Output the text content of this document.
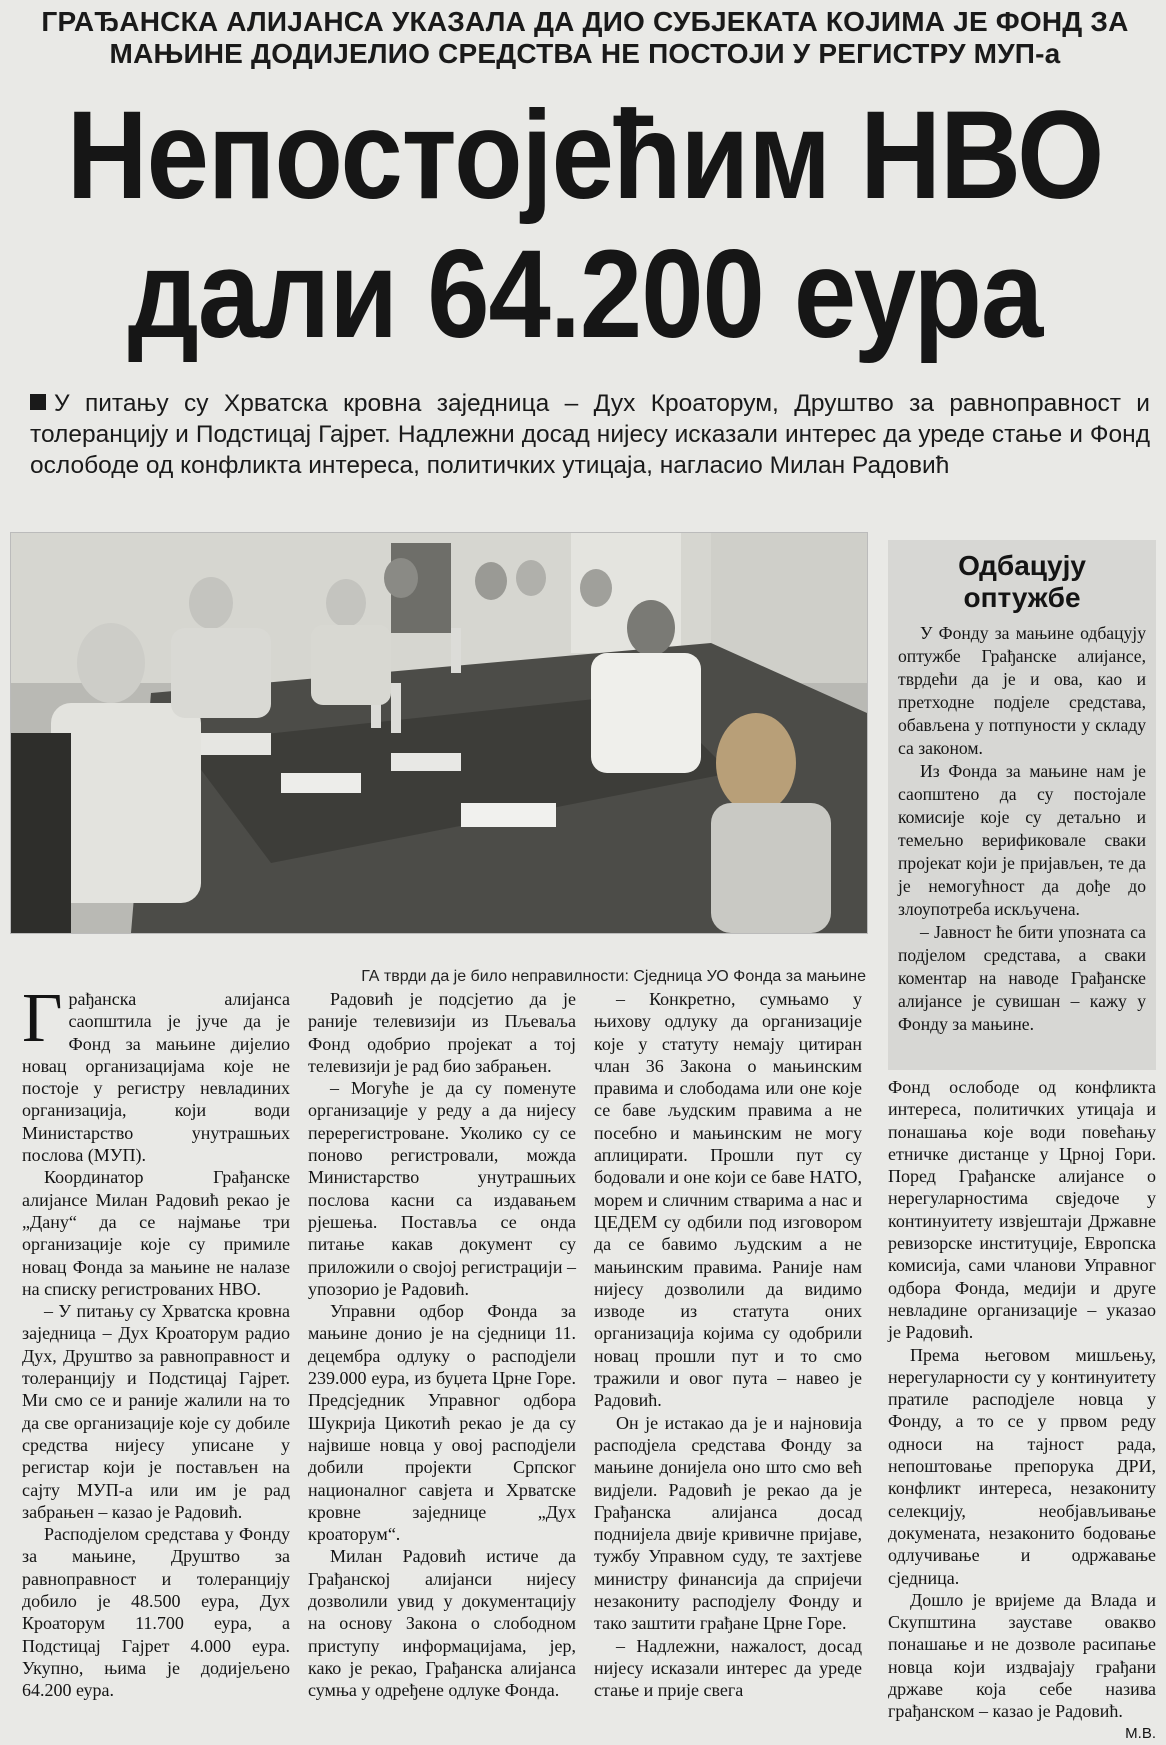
ГРАЂАНСКА АЛИЈАНСА УКАЗАЛА ДА ДИО СУБЈЕКАТА КОЈИМА ЈЕ ФОНД ЗА МАЊИНЕ ДОДИЈЕЛИО СРЕДСТВА НЕ ПОСТОЈИ У РЕГИСТРУ МУП-а
Непостојећим НВО
дали 64.200 еура
У питању су Хрватска кровна заједница – Дух Кроаторум, Друштво за равноправност и толеранцију и Подстицај Гајрет. Надлежни досад нијесу исказали интерес да уреде стање и Фонд ослободе од конфликта интереса, политичких утицаја, нагласио Милан Радовић
ГА тврди да је било неправилности: Сједница УО Фонда за мањине
Одбацују оптужбе

У Фонду за мањине одбацују оптужбе Грађанске алијансе, тврдећи да је и ова, као и претходне подјеле средстава, обављена у потпуности у складу са законом.

Из Фонда за мањине нам је саопштено да су постојале комисије које су детаљно и темељно верификовале сваки пројекат који је пријављен, те да је немогућност да дође до злоупотреба искључена.

– Јавност ће бити упозната са подјелом средстава, а сваки коментар на наводе Грађанске алијансе је сувишан – кажу у Фонду за мањине.

Грађанска алијанса саопштила је јуче да је Фонд за мањине дијелио новац организацијама које не постоје у регистру невладиних организација, који води Министарство унутрашњих послова (МУП).

Координатор Грађанске алијансе Милан Радовић рекао је „Дану“ да се најмање три организације које су примиле новац Фонда за мањине не налазе на списку регистрованих НВО.

– У питању су Хрватска кровна заједница – Дух Кроаторум радио Дух, Друштво за равноправност и толеранцију и Подстицај Гајрет. Ми смо се и раније жалили на то да све организације које су добиле средства нијесу уписане у регистар који је постављен на сајту МУП-а или им је рад забрањен – казао је Радовић.

Расподјелом средстава у Фонду за мањине, Друштво за равноправност и толеранцију добило је 48.500 еура, Дух Кроаторум 11.700 еура, а Подстицај Гајрет 4.000 еура. Укупно, њима је додијељено 64.200 еура.

Радовић је подсјетио да је раније телевизији из Пљеваља Фонд одобрио пројекат а тој телевизији је рад био забрањен.

– Могуће је да су поменуте организације у реду а да нијесу перерегистроване. Уколико су се поново регистровали, можда Министарство унутрашњих послова касни са издавањем рјешења. Поставља се онда питање какав документ су приложили о својој регистрацији – упозорио је Радовић.

Управни одбор Фонда за мањине донио је на сједници 11. децембра одлуку о расподјели 239.000 еура, из буџета Црне Горе. Предсједник Управног одбора Шукрија Цикотић рекао је да су највише новца у овој расподјели добили пројекти Српског националног савјета и Хрватске кровне заједнице „Дух кроаторум“.

Милан Радовић истиче да Грађанској алијанси нијесу дозволили увид у документацију на основу Закона о слободном приступу информацијама, јер, како је рекао, Грађанска алијанса сумња у одређене одлуке Фонда.

– Конкретно, сумњамо у њихову одлуку да организације које у статуту немају цитиран члан 36 Закона о мањинским правима и слободама или оне које се баве људским правима а не посебно и мањинским не могу аплицирати. Прошли пут су бодовали и оне који се баве НАТО, морем и сличним стварима а нас и ЦЕДЕМ су одбили под изговором да се бавимо људским а не мањинским правима. Раније нам нијесу дозволили да видимо изводе из статута оних организација којима су одобрили новац прошли пут и то смо тражили и овог пута – навео је Радовић.

Он је истакао да је и најновија расподјела средстава Фонду за мањине донијела оно што смо већ видјели. Радовић је рекао да је Грађанска алијанса досад поднијела двије кривичне пријаве, тужбу Управном суду, те захтјеве министру финансија да спријечи незакониту расподјелу Фонду и тако заштити грађане Црне Горе.

– Надлежни, нажалост, досад нијесу исказали интерес да уреде стање и прије свега

Фонд ослободе од конфликта интереса, политичких утицаја и понашања које води повећању етничке дистанце у Црној Гори. Поред Грађанске алијансе о нерегуларностима свједоче у континуитету извјештаји Државне ревизорске институције, Европска комисија, сами чланови Управног одбора Фонда, медији и друге невладине организације – указао је Радовић.

Према његовом мишљењу, нерегуларности су у континуитету пратиле расподјеле новца у Фонду, а то се у првом реду односи на тајност рада, непоштовање препорука ДРИ, конфликт интереса, незакониту селекцију, необјављивање докумената, незаконито бодовање одлучивање и одржавање сједница.

Дошло је вријеме да Влада и Скупштина зауставе овакво понашање и не дозволе расипање новца који издвајају грађани државе која себе назива грађанском – казао је Радовић.

М.В.
